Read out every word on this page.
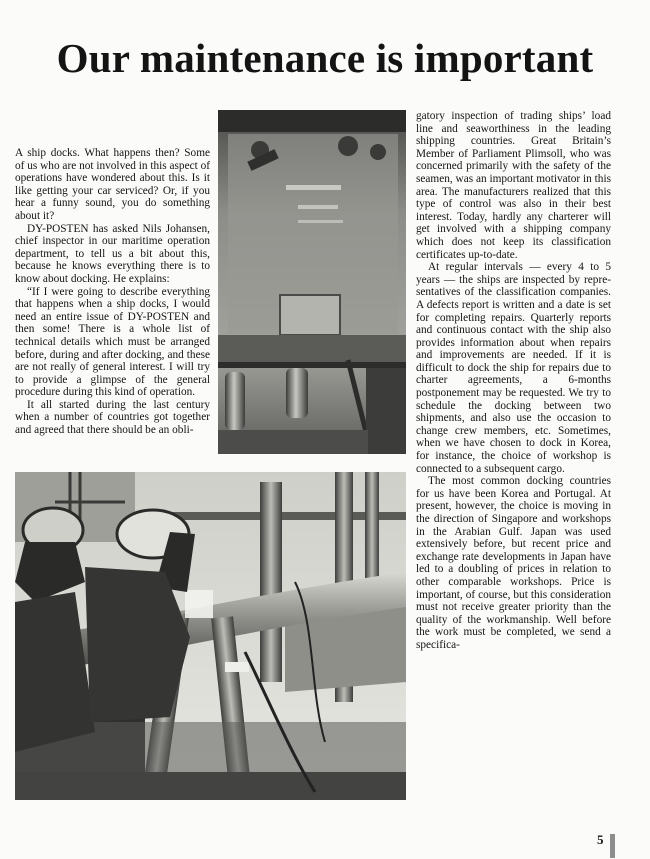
Our maintenance is important

A ship docks. What happens then? Some of us who are not involved in this aspect of operations have wondered about this. Is it like getting your car serviced? Or, if you hear a funny sound, you do something about it?

DY-POSTEN has asked Nils Johansen, chief inspector in our maritime operation department, to tell us a bit about this, because he knows everything there is to know about docking. He explains:

“If I were going to describe everything that happens when a ship docks, I would need an entire issue of DY-POSTEN and then some! There is a whole list of technical details which must be arranged before, during and after docking, and these are not really of general interest. I will try to provide a glimpse of the general procedure during this kind of operation.

It all started during the last century when a number of countries got together and agreed that there should be an obli-

gatory inspection of trading ships’ load line and seaworthiness in the leading shipping countries. Great Britain’s Member of Parliament Plimsoll, who was concerned primarily with the safety of the seamen, was an important motivator in this area. The manufacturers realized that this type of control was also in their best interest. Today, hardly any charterer will get involved with a shipping company which does not keep its classification certificates up-to-date.

At regular intervals — every 4 to 5 years — the ships are inspected by representatives of the classification companies. A defects report is written and a date is set for completing repairs. Quarterly reports and continuous contact with the ship also provides information about when repairs and improvements are needed. If it is difficult to dock the ship for repairs due to charter agreements, a 6-months postponement may be requested. We try to schedule the docking between two shipments, and also use the occasion to change crew members, etc. Sometimes, when we have chosen to dock in Korea, for instance, the choice of workshop is connected to a subsequent cargo.

The most common docking countries for us have been Korea and Portugal. At present, however, the choice is moving in the direction of Singapore and workshops in the Arabian Gulf. Japan was used extensively before, but recent price and exchange rate developments in Japan have led to a doubling of prices in relation to other comparable workshops. Price is important, of course, but this consideration must not receive greater priority than the quality of the workmanship. Well before the work must be completed, we send a specifica-

5
